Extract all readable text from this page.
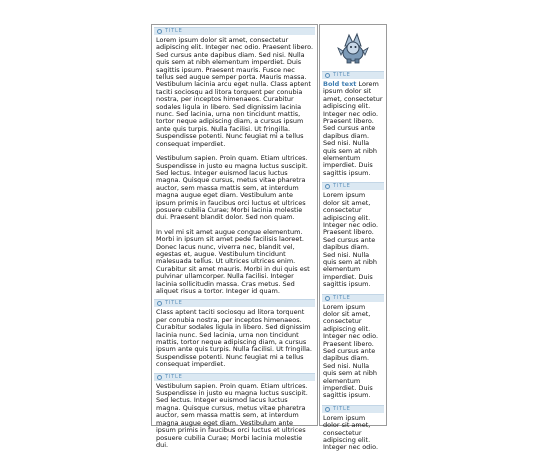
TITLE

Lorem ipsum dolor sit amet, consectetur adipiscing elit. Integer nec odio. Praesent libero. Sed cursus ante dapibus diam. Sed nisi. Nulla quis sem at nibh elementum imperdiet. Duis sagittis ipsum. Praesent mauris. Fusce nec tellus sed augue semper porta. Mauris massa. Vestibulum lacinia arcu eget nulla. Class aptent taciti sociosqu ad litora torquent per conubia nostra, per inceptos himenaeos. Curabitur sodales ligula in libero. Sed dignissim lacinia nunc. Sed lacinia, urna non tincidunt mattis, tortor neque adipiscing diam, a cursus ipsum ante quis turpis. Nulla facilisi. Ut fringilla. Suspendisse potenti. Nunc feugiat mi a tellus consequat imperdiet.

Vestibulum sapien. Proin quam. Etiam ultrices. Suspendisse in justo eu magna luctus suscipit. Sed lectus. Integer euismod lacus luctus magna. Quisque cursus, metus vitae pharetra auctor, sem massa mattis sem, at interdum magna augue eget diam. Vestibulum ante ipsum primis in faucibus orci luctus et ultrices posuere cubilia Curae; Morbi lacinia molestie dui. Praesent blandit dolor. Sed non quam.

In vel mi sit amet augue congue elementum. Morbi in ipsum sit amet pede facilisis laoreet. Donec lacus nunc, viverra nec, blandit vel, egestas et, augue. Vestibulum tincidunt malesuada tellus. Ut ultrices ultrices enim. Curabitur sit amet mauris. Morbi in dui quis est pulvinar ullamcorper. Nulla facilisi. Integer lacinia sollicitudin massa. Cras metus. Sed aliquet risus a tortor. Integer id quam.

TITLE

Class aptent taciti sociosqu ad litora torquent per conubia nostra, per inceptos himenaeos. Curabitur sodales ligula in libero. Sed dignissim lacinia nunc. Sed lacinia, urna non tincidunt mattis, tortor neque adipiscing diam, a cursus ipsum ante quis turpis. Nulla facilisi. Ut fringilla. Suspendisse potenti. Nunc feugiat mi a tellus consequat imperdiet.

TITLE

Vestibulum sapien. Proin quam. Etiam ultrices. Suspendisse in justo eu magna luctus suscipit. Sed lectus. Integer euismod lacus luctus magna. Quisque cursus, metus vitae pharetra auctor, sem massa mattis sem, at interdum magna augue eget diam. Vestibulum ante ipsum primis in faucibus orci luctus et ultrices posuere cubilia Curae; Morbi lacinia molestie dui.

TITLE

Bold text Lorem ipsum dolor sit amet, consectetur adipiscing elit. Integer nec odio. Praesent libero. Sed cursus ante dapibus diam. Sed nisi. Nulla quis sem at nibh elementum imperdiet. Duis sagittis ipsum.

TITLE

Lorem ipsum dolor sit amet, consectetur adipiscing elit. Integer nec odio. Praesent libero. Sed cursus ante dapibus diam. Sed nisi. Nulla quis sem at nibh elementum imperdiet. Duis sagittis ipsum.

TITLE

Lorem ipsum dolor sit amet, consectetur adipiscing elit. Integer nec odio. Praesent libero. Sed cursus ante dapibus diam. Sed nisi. Nulla quis sem at nibh elementum imperdiet. Duis sagittis ipsum.

TITLE

Lorem ipsum dolor sit amet, consectetur adipiscing elit. Integer nec odio.
